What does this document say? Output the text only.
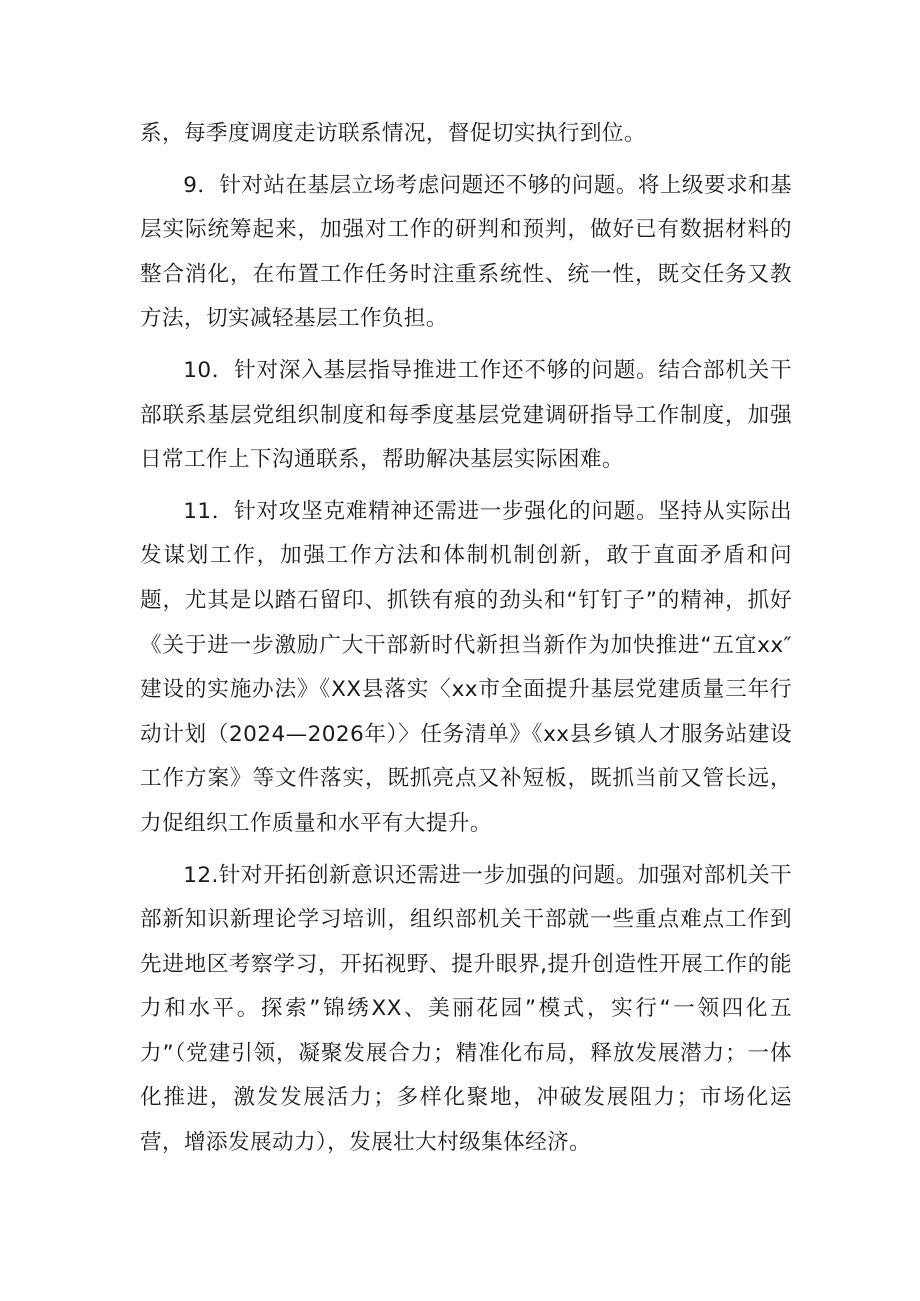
系，每季度调度走访联系情况，督促切实执行到位。

9．针对站在基层立场考虑问题还不够的问题。将上级要求和基层实际统筹起来，加强对工作的研判和预判，做好已有数据材料的整合消化，在布置工作任务时注重系统性、统一性，既交任务又教方法，切实减轻基层工作负担。

10．针对深入基层指导推进工作还不够的问题。结合部机关干部联系基层党组织制度和每季度基层党建调研指导工作制度，加强日常工作上下沟通联系，帮助解决基层实际困难。

11．针对攻坚克难精神还需进一步强化的问题。坚持从实际出发谋划工作，加强工作方法和体制机制创新，敢于直面矛盾和问题，尤其是以踏石留印、抓铁有痕的劲头和“钉钉子”的精神，抓好《关于进一步激励广大干部新时代新担当新作为加快推进“五宜xx″建设的实施办法》《XX县落实〈xx市全面提升基层党建质量三年行动计划（2024—2026年）〉任务清单》《xx县乡镇人才服务站建设工作方案》等文件落实，既抓亮点又补短板，既抓当前又管长远，力促组织工作质量和水平有大提升。

12.针对开拓创新意识还需进一步加强的问题。加强对部机关干部新知识新理论学习培训，组织部机关干部就一些重点难点工作到先进地区考察学习，开拓视野、提升眼界,提升创造性开展工作的能力和水平。探索”锦绣XX、美丽花园”模式，实行“一领四化五力”（党建引领，凝聚发展合力；精准化布局，释放发展潜力；一体化推进，激发发展活力；多样化聚地，冲破发展阻力；市场化运营，增添发展动力），发展壮大村级集体经济。
